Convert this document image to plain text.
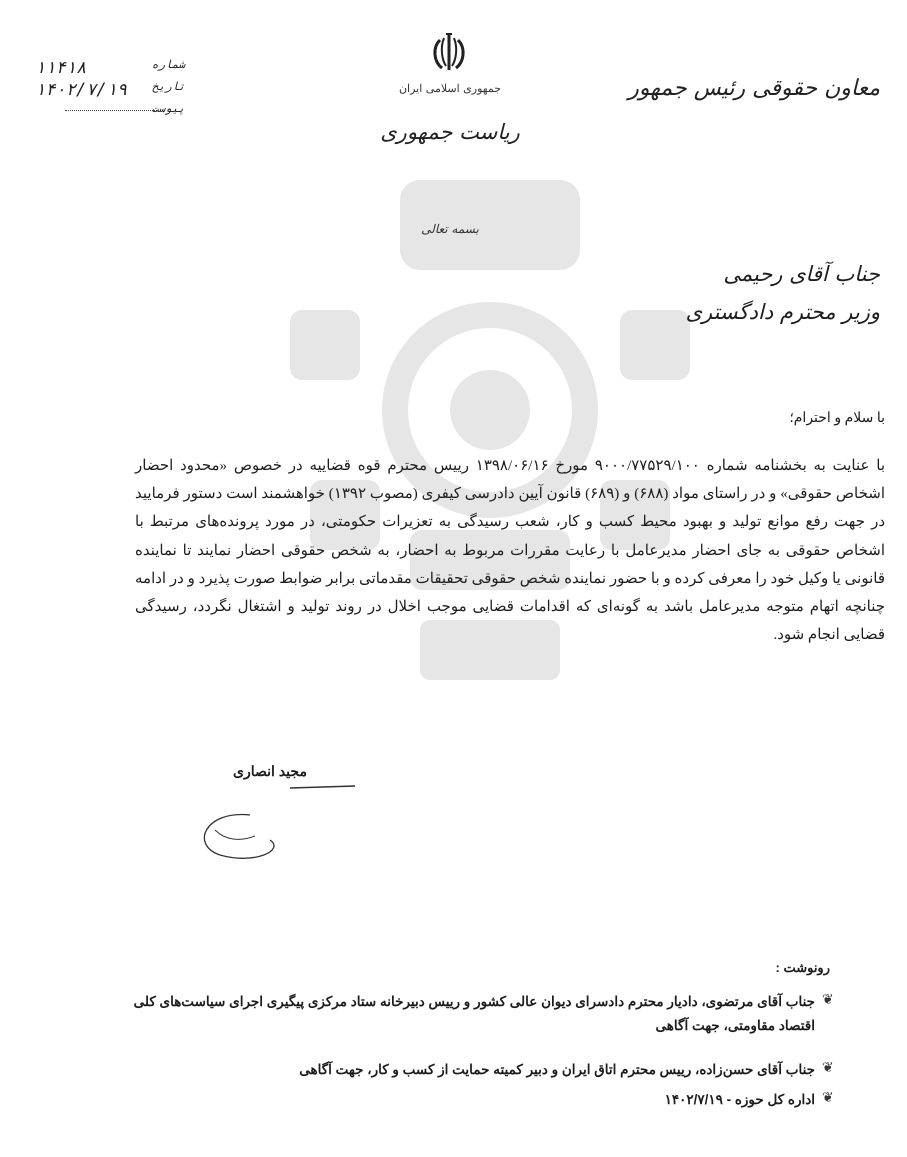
جمهوری اسلامی ایران
ریاست جمهوری
معاون حقوقی رئیس جمهور
بسمه تعالی
۱۱۴۱۸	شماره
۱۴۰۲/۷/۱۹ تاریخ
پیوست
جناب آقای رحیمی
وزیر محترم دادگستری
با سلام و احترام؛
با عنایت به بخشنامه شماره ۹۰۰۰/۷۷۵۲۹/۱۰۰ مورخ ۱۳۹۸/۰۶/۱۶ رییس محترم قوه قضاییه در خصوص «محدود احضار اشخاص حقوقی» و در راستای مواد (۶۸۸) و (۶۸۹) قانون آیین دادرسی کیفری (مصوب ۱۳۹۲) خواهشمند است دستور فرمایید در جهت رفع موانع تولید و بهبود محیط کسب و کار، شعب رسیدگی به تعزیرات حکومتی، در مورد پرونده‌های مرتبط با اشخاص حقوقی به جای احضار مدیرعامل با رعایت مقررات مربوط به احضار، به شخص حقوقی احضار نمایند تا نماینده قانونی یا وکیل خود را معرفی کرده و با حضور نماینده شخص حقوقی تحقیقات مقدماتی برابر ضوابط صورت پذیرد و در ادامه چنانچه اتهام متوجه مدیرعامل باشد به گونه‌ای که اقدامات قضایی موجب اخلال در روند تولید و اشتغال نگردد، رسیدگی قضایی انجام شود.
مجید انصاری
رونوشت :
❦
جناب آقای مرتضوی، دادیار محترم دادسرای دیوان عالی کشور و رییس دبیرخانه ستاد مرکزی پیگیری اجرای سیاست‌های کلی اقتصاد مقاومتی، جهت آگاهی
❦
جناب آقای حسن‌زاده، رییس محترم اتاق ایران و دبیر کمیته حمایت از کسب و کار، جهت آگاهی
❦
اداره کل حوزه - ۱۴۰۲/۷/۱۹
